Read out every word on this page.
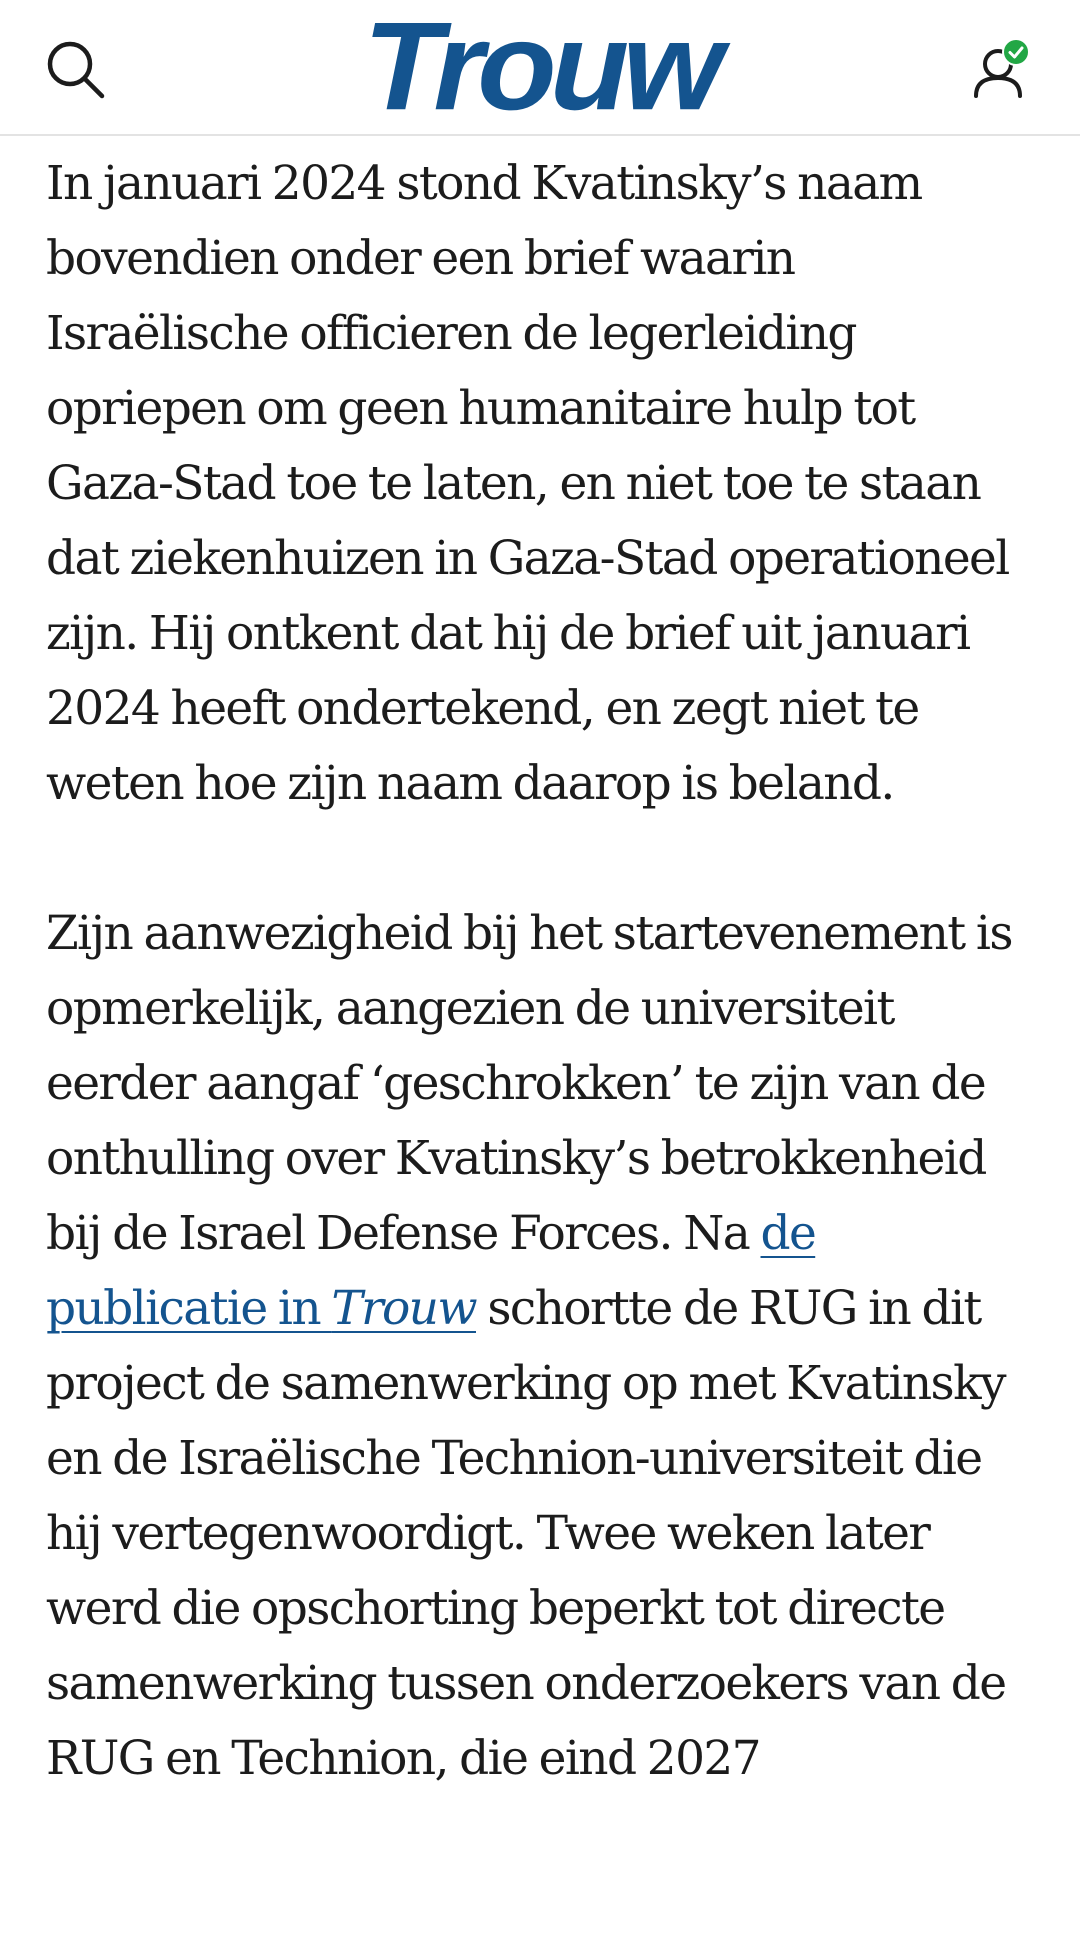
Trouw

In januari 2024 stond Kvatinsky’s naam bovendien onder een brief waarin Israëlische officieren de legerleiding opriepen om geen humanitaire hulp tot Gaza-Stad toe te laten, en niet toe te staan dat ziekenhuizen in Gaza-Stad operationeel zijn. Hij ontkent dat hij de brief uit januari 2024 heeft ondertekend, en zegt niet te weten hoe zijn naam daarop is beland.

Zijn aanwezigheid bij het startevenement is opmerkelijk, aangezien de universiteit eerder aangaf ‘geschrokken’ te zijn van de onthulling over Kvatinsky’s betrokkenheid bij de Israel Defense Forces. Na de publicatie in Trouw schortte de RUG in dit project de samenwerking op met Kvatinsky en de Israëlische Technion-universiteit die hij vertegenwoordigt. Twee weken later werd die opschorting beperkt tot directe samenwerking tussen onderzoekers van de RUG en Technion, die eind 2027
